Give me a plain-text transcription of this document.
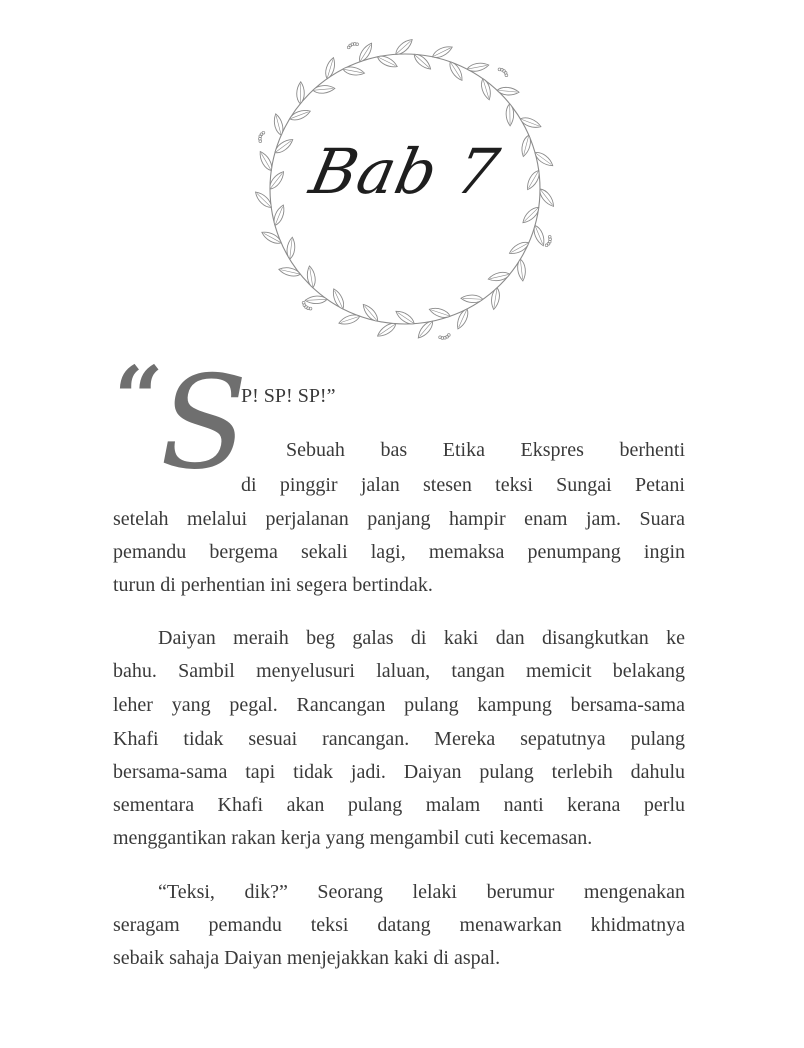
Bab 7
“
S
P! SP! SP!”
Sebuah bas Etika Ekspres berhenti
di pinggir jalan stesen teksi Sungai Petani
setelah melalui perjalanan panjang hampir enam jam. Suara
pemandu bergema sekali lagi, memaksa penumpang ingin
turun di perhentian ini segera bertindak.
Daiyan meraih beg galas di kaki dan disangkutkan ke
bahu. Sambil menyelusuri laluan, tangan memicit belakang
leher yang pegal. Rancangan pulang kampung bersama-sama
Khafi tidak sesuai rancangan. Mereka sepatutnya pulang
bersama-sama tapi tidak jadi. Daiyan pulang terlebih dahulu
sementara Khafi akan pulang malam nanti kerana perlu
menggantikan rakan kerja yang mengambil cuti kecemasan.
“Teksi, dik?” Seorang lelaki berumur mengenakan
seragam pemandu teksi datang menawarkan khidmatnya
sebaik sahaja Daiyan menjejakkan kaki di aspal.
